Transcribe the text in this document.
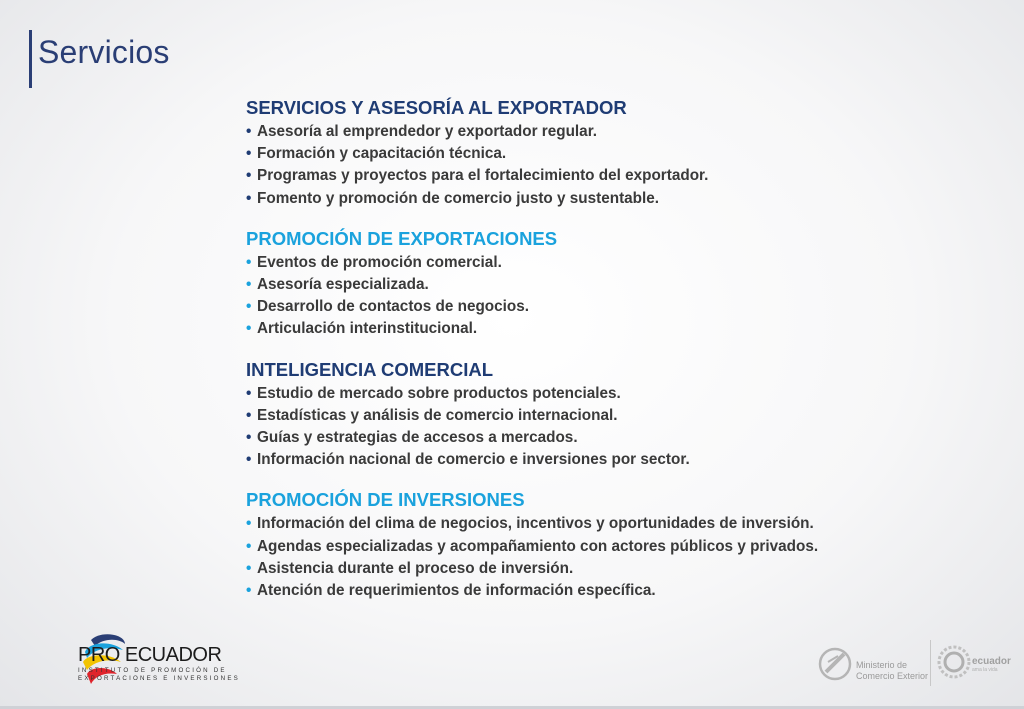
Servicios
SERVICIOS Y ASESORÍA AL EXPORTADOR
• Asesoría al emprendedor y exportador regular.
• Formación y capacitación técnica.
• Programas y proyectos para el fortalecimiento del exportador.
• Fomento y promoción de comercio justo y sustentable.
PROMOCIÓN DE EXPORTACIONES
• Eventos de promoción comercial.
• Asesoría especializada.
• Desarrollo de contactos de negocios.
• Articulación interinstitucional.
INTELIGENCIA COMERCIAL
• Estudio de mercado sobre productos potenciales.
• Estadísticas y análisis de comercio internacional.
• Guías y estrategias de accesos a mercados.
• Información nacional de comercio e inversiones por sector.
PROMOCIÓN DE INVERSIONES
• Información del clima de negocios, incentivos y oportunidades de inversión.
• Agendas especializadas y acompañamiento con actores públicos y privados.
• Asistencia durante el proceso de inversión.
• Atención de requerimientos de información específica.
PRO ECUADOR
INSTITUTO DE PROMOCIÓN DE
EXPORTACIONES E INVERSIONES
Ministerio de
Comercio Exterior
ecuador
ama la vida
